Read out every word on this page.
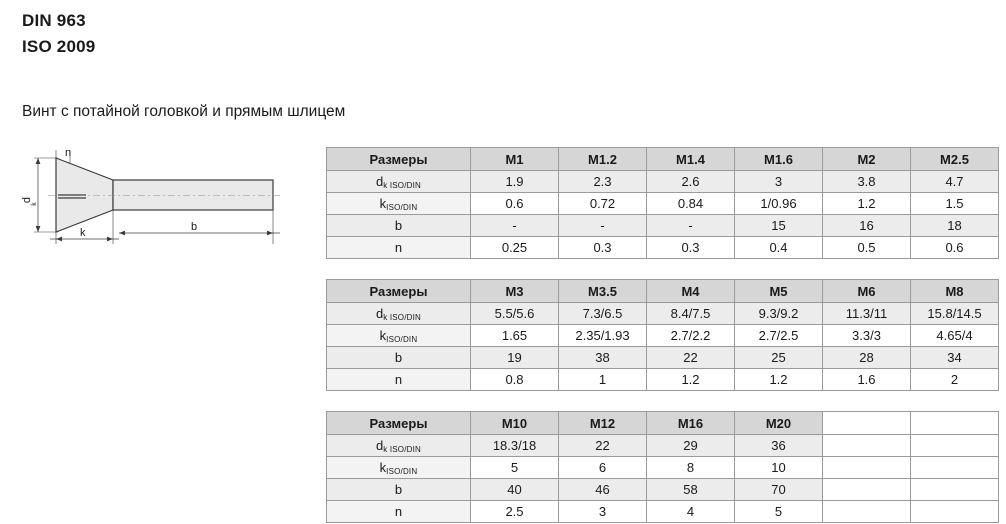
DIN 963
ISO 2009
Винт с потайной головкой и прямым шлицем
d
k
n
k	b
Размеры	M1	M1.2	M1.4	M1.6	M2	M2.5
dk ISO/DIN	1.9	2.3	2.6	3	3.8	4.7
kISO/DIN	0.6	0.72	0.84	1/0.96	1.2	1.5
b	-	-	-	15	16	18
n	0.25	0.3	0.3	0.4	0.5	0.6
Размеры	M3	M3.5	M4	M5	M6	M8
dk ISO/DIN	5.5/5.6	7.3/6.5	8.4/7.5	9.3/9.2	11.3/11	15.8/14.5
kISO/DIN	1.65	2.35/1.93	2.7/2.2	2.7/2.5	3.3/3	4.65/4
b	19	38	22	25	28	34
n	0.8	1	1.2	1.2	1.6	2
Размеры	M10	M12	M16	M20		
dk ISO/DIN	18.3/18	22	29	36		
kISO/DIN	5	6	8	10		
b	40	46	58	70		
n	2.5	3	4	5		
